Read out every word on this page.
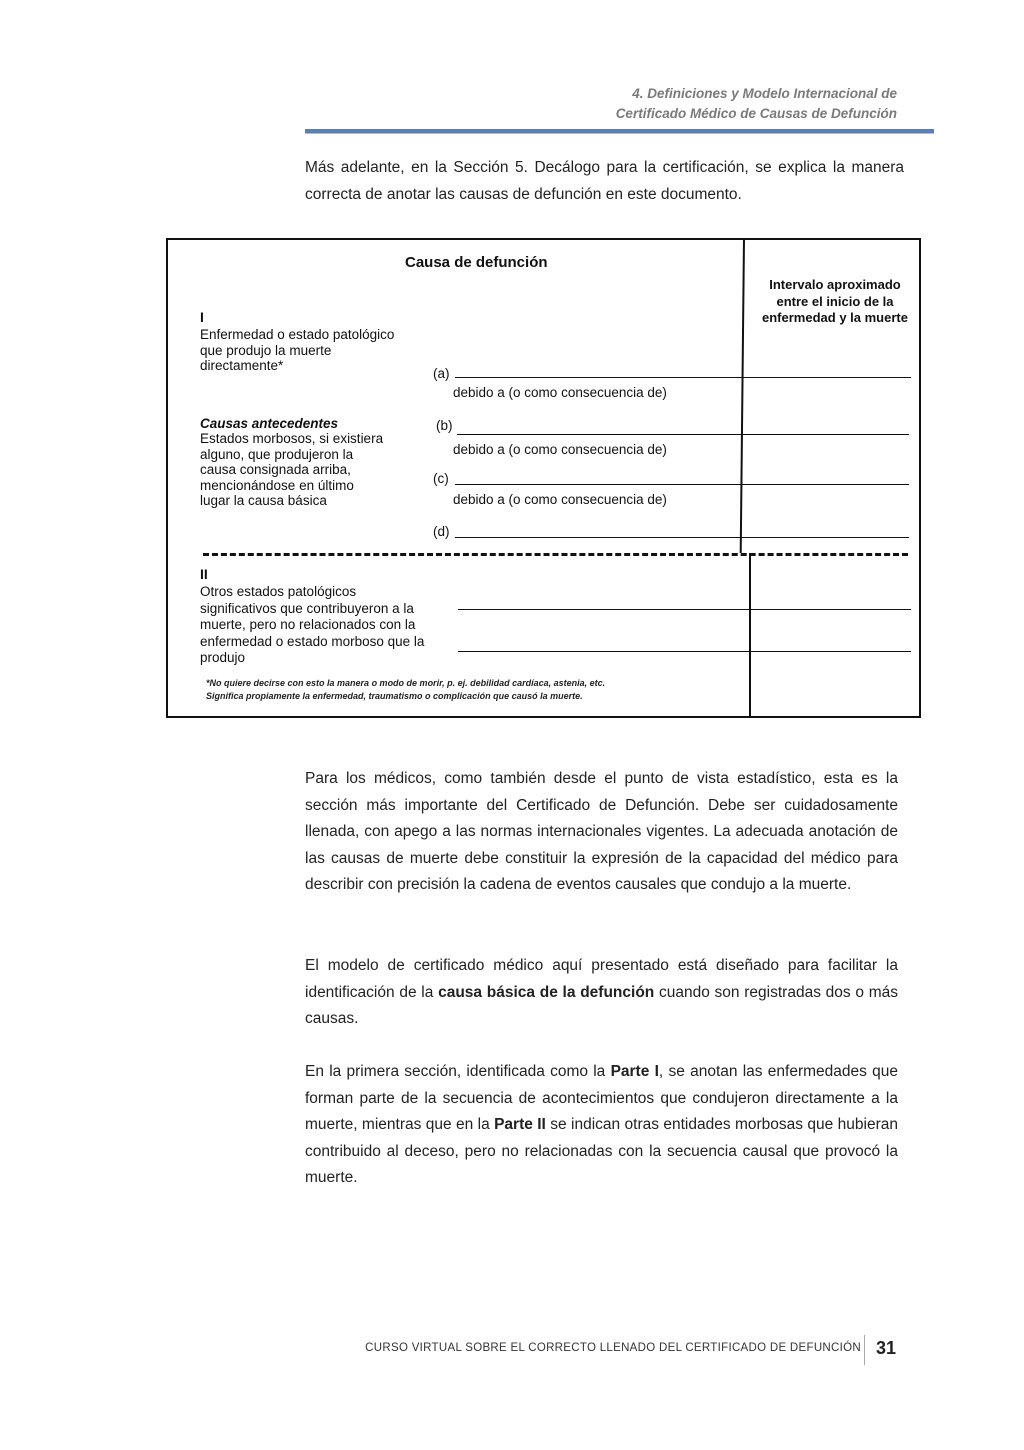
4. Definiciones y Modelo Internacional de
Certificado Médico de Causas de Defunción
Más adelante, en la Sección 5. Decálogo para la certificación, se explica la manera correcta de anotar las causas de defunción en este documento.
Causa de defunción
Intervalo aproximado entre el inicio de la enfermedad y la muerte
I
Enfermedad o estado patológico que produjo la muerte directamente*
Causas antecedentes
Estados morbosos, si existiera alguno, que produjeron la causa consignada arriba, mencionándose en último lugar la causa básica
(a)
debido a (o como consecuencia de)
(b)
debido a (o como consecuencia de)
(c)
debido a (o como consecuencia de)
(d)
II
Otros estados patológicos significativos que contribuyeron a la muerte, pero no relacionados con la enfermedad o estado morboso que la produjo
*No quiere decirse con esto la manera o modo de morir, p. ej. debilidad cardíaca, astenia, etc. Significa propiamente la enfermedad, traumatismo o complicación que causó la muerte.
Para los médicos, como también desde el punto de vista estadístico, esta es la sección más importante del Certificado de Defunción. Debe ser cuidadosamente llenada, con apego a las normas internacionales vigentes. La adecuada anotación de las causas de muerte debe constituir la expresión de la capacidad del médico para describir con precisión la cadena de eventos causales que condujo a la muerte.
El modelo de certificado médico aquí presentado está diseñado para facilitar la identificación de la causa básica de la defunción cuando son registradas dos o más causas.
En la primera sección, identificada como la Parte I, se anotan las enfermedades que forman parte de la secuencia de acontecimientos que condujeron directamente a la muerte, mientras que en la Parte II se indican otras entidades morbosas que hubieran contribuido al deceso, pero no relacionadas con la secuencia causal que provocó la muerte.
CURSO VIRTUAL SOBRE EL CORRECTO LLENADO DEL CERTIFICADO DE DEFUNCIÓN 31
